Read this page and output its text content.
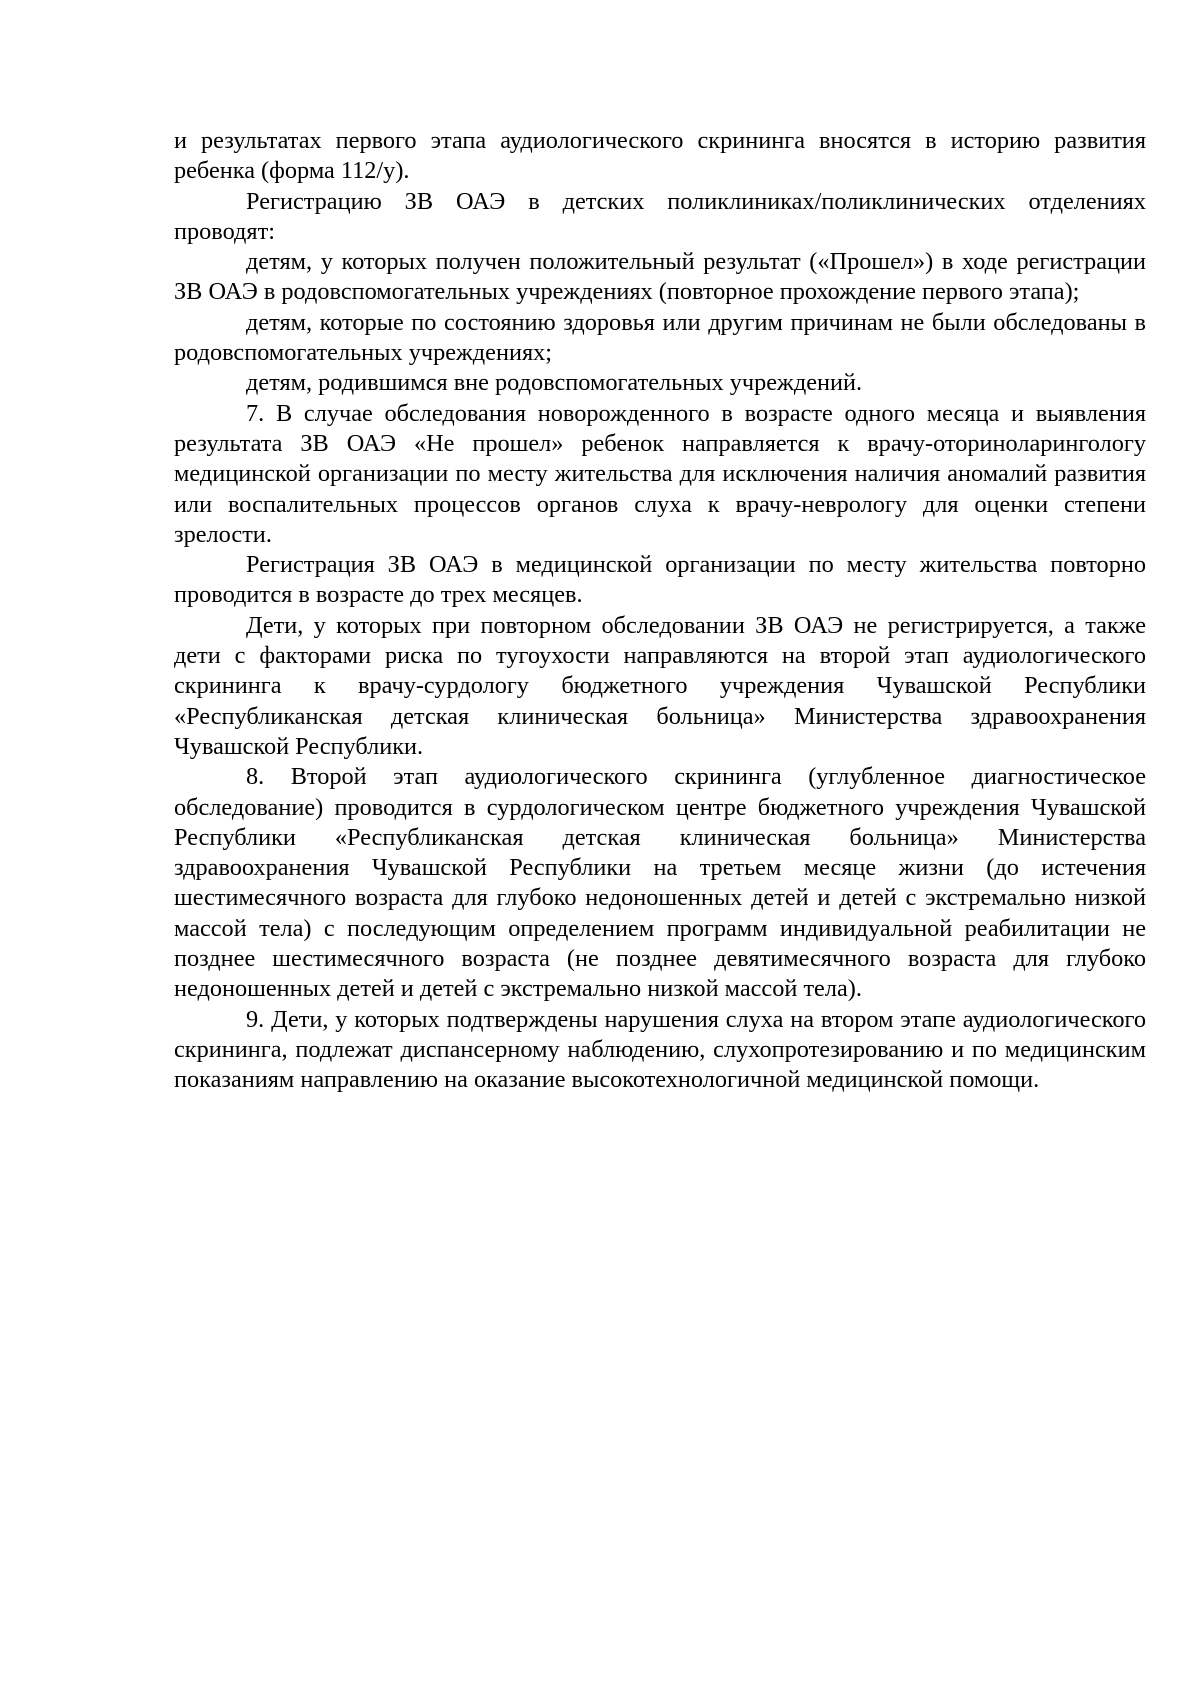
и результатах первого этапа аудиологического скрининга вносятся в историю развития ребенка (форма 112/у).

Регистрацию ЗВ ОАЭ в детских поликлиниках/поликлинических отделениях проводят:

детям, у которых получен положительный результат («Прошел») в ходе регистрации ЗВ ОАЭ в родовспомогательных учреждениях (повторное прохождение первого этапа);

детям, которые по состоянию здоровья или другим причинам не были обследованы в родовспомогательных учреждениях;

детям, родившимся вне родовспомогательных учреждений.

7. В случае обследования новорожденного в возрасте одного месяца и выявления результата ЗВ ОАЭ «Не прошел» ребенок направляется к врачу-оториноларингологу медицинской организации по месту жительства для исключения наличия аномалий развития или воспалительных процессов органов слуха к врачу-неврологу для оценки степени зрелости.

Регистрация ЗВ ОАЭ в медицинской организации по месту жительства повторно проводится в возрасте до трех месяцев.

Дети, у которых при повторном обследовании ЗВ ОАЭ не регистрируется, а также дети с факторами риска по тугоухости направляются на второй этап аудиологического скрининга к врачу-сурдологу бюджетного учреждения Чувашской Республики «Республиканская детская клиническая больница» Министерства здравоохранения Чувашской Республики.

8. Второй этап аудиологического скрининга (углубленное диагностическое обследование) проводится в сурдологическом центре бюджетного учреждения Чувашской Республики «Республиканская детская клиническая больница» Министерства здравоохранения Чувашской Республики на третьем месяце жизни (до истечения шестимесячного возраста для глубоко недоношенных детей и детей с экстремально низкой массой тела) с последующим определением программ индивидуальной реабилитации не позднее шестимесячного возраста (не позднее девятимесячного возраста для глубоко недоношенных детей и детей с экстремально низкой массой тела).

9. Дети, у которых подтверждены нарушения слуха на втором этапе аудиологического скрининга, подлежат диспансерному наблюдению, слухопротезированию и по медицинским показаниям направлению на оказание высокотехнологичной медицинской помощи.
